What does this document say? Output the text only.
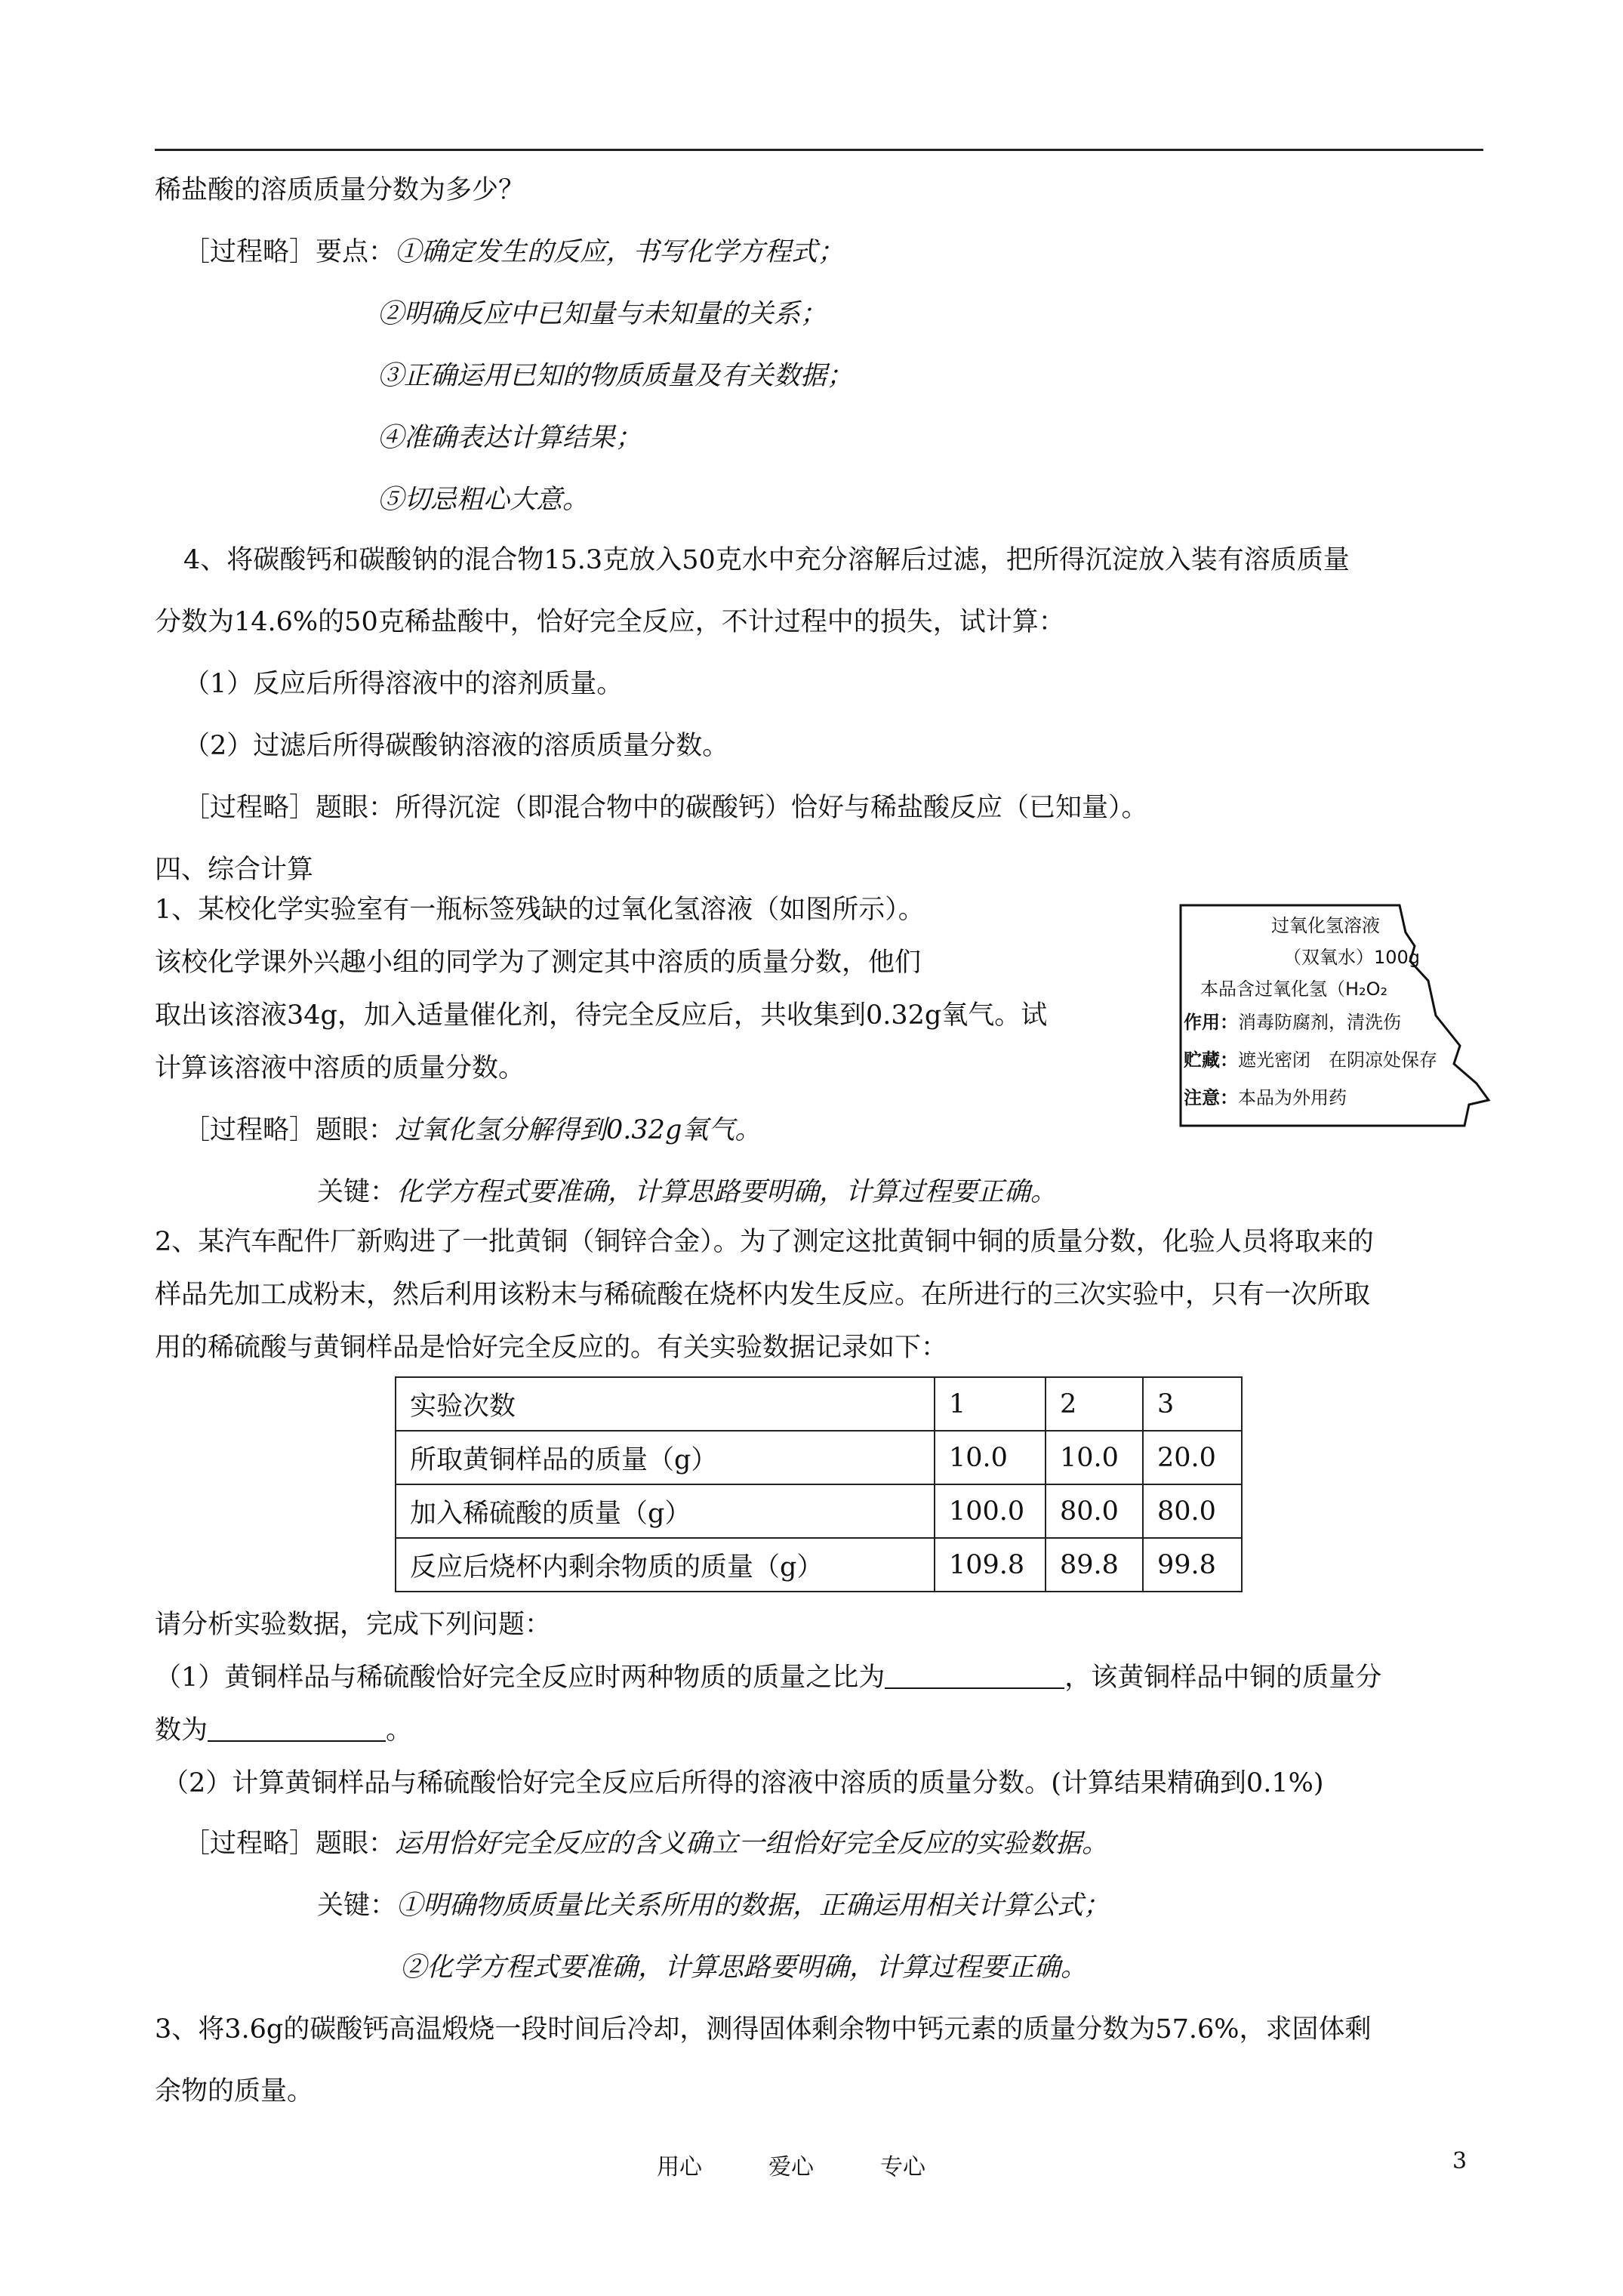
稀盐酸的溶质质量分数为多少？
［过程略］要点：①确定发生的反应，书写化学方程式；
②明确反应中已知量与未知量的关系；
③正确运用已知的物质质量及有关数据；
④准确表达计算结果；
⑤切忌粗心大意。
4、将碳酸钙和碳酸钠的混合物15.3克放入50克水中充分溶解后过滤，把所得沉淀放入装有溶质质量
分数为14.6%的50克稀盐酸中，恰好完全反应，不计过程中的损失，试计算：
（1）反应后所得溶液中的溶剂质量。
（2）过滤后所得碳酸钠溶液的溶质质量分数。
［过程略］题眼：所得沉淀（即混合物中的碳酸钙）恰好与稀盐酸反应（已知量）。
四、综合计算
1、某校化学实验室有一瓶标签残缺的过氧化氢溶液（如图所示）。
该校化学课外兴趣小组的同学为了测定其中溶质的质量分数，他们
取出该溶液34g，加入适量催化剂，待完全反应后，共收集到0.32g氧气。试
计算该溶液中溶质的质量分数。
［过程略］题眼：过氧化氢分解得到0.32g氧气。
关键：化学方程式要准确，计算思路要明确，计算过程要正确。
过氧化氢溶液
（双氧水）100g
本品含过氧化氢（H₂O₂
作用：消毒防腐剂，清洗伤
贮藏：遮光密闭　在阴凉处保存
注意：本品为外用药
2、某汽车配件厂新购进了一批黄铜（铜锌合金）。为了测定这批黄铜中铜的质量分数，化验人员将取来的
样品先加工成粉末，然后利用该粉末与稀硫酸在烧杯内发生反应。在所进行的三次实验中，只有一次所取
用的稀硫酸与黄铜样品是恰好完全反应的。有关实验数据记录如下：
实验次数	1	2	3
所取黄铜样品的质量（g）	10.0	10.0	20.0
加入稀硫酸的质量（g）	100.0	80.0	80.0
反应后烧杯内剩余物质的质量（g）	109.8	89.8	99.8
请分析实验数据，完成下列问题：
（1）黄铜样品与稀硫酸恰好完全反应时两种物质的质量之比为	，该黄铜样品中铜的质量分
数为	。
（2）计算黄铜样品与稀硫酸恰好完全反应后所得的溶液中溶质的质量分数。(计算结果精确到0.1%)
［过程略］题眼：运用恰好完全反应的含义确立一组恰好完全反应的实验数据。
关键：①明确物质质量比关系所用的数据，正确运用相关计算公式；
②化学方程式要准确，计算思路要明确，计算过程要正确。
3、将3.6g的碳酸钙高温煅烧一段时间后冷却，测得固体剩余物中钙元素的质量分数为57.6%，求固体剩
余物的质量。
用心	爱心	专心	3
